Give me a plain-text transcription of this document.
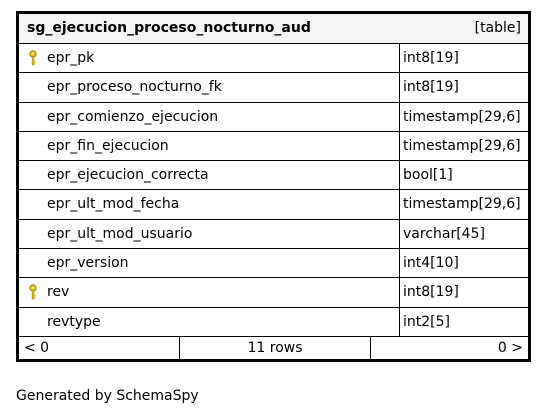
sg_ejecucion_proceso_nocturno_aud	[table]
epr_pk	int8[19]
epr_proceso_nocturno_fk	int8[19]
epr_comienzo_ejecucion	timestamp[29,6]
epr_fin_ejecucion	timestamp[29,6]
epr_ejecucion_correcta	bool[1]
epr_ult_mod_fecha	timestamp[29,6]
epr_ult_mod_usuario	varchar[45]
epr_version	int4[10]
rev	int8[19]
revtype	int2[5]
< 0	11 rows	0 >
Generated by SchemaSpy
